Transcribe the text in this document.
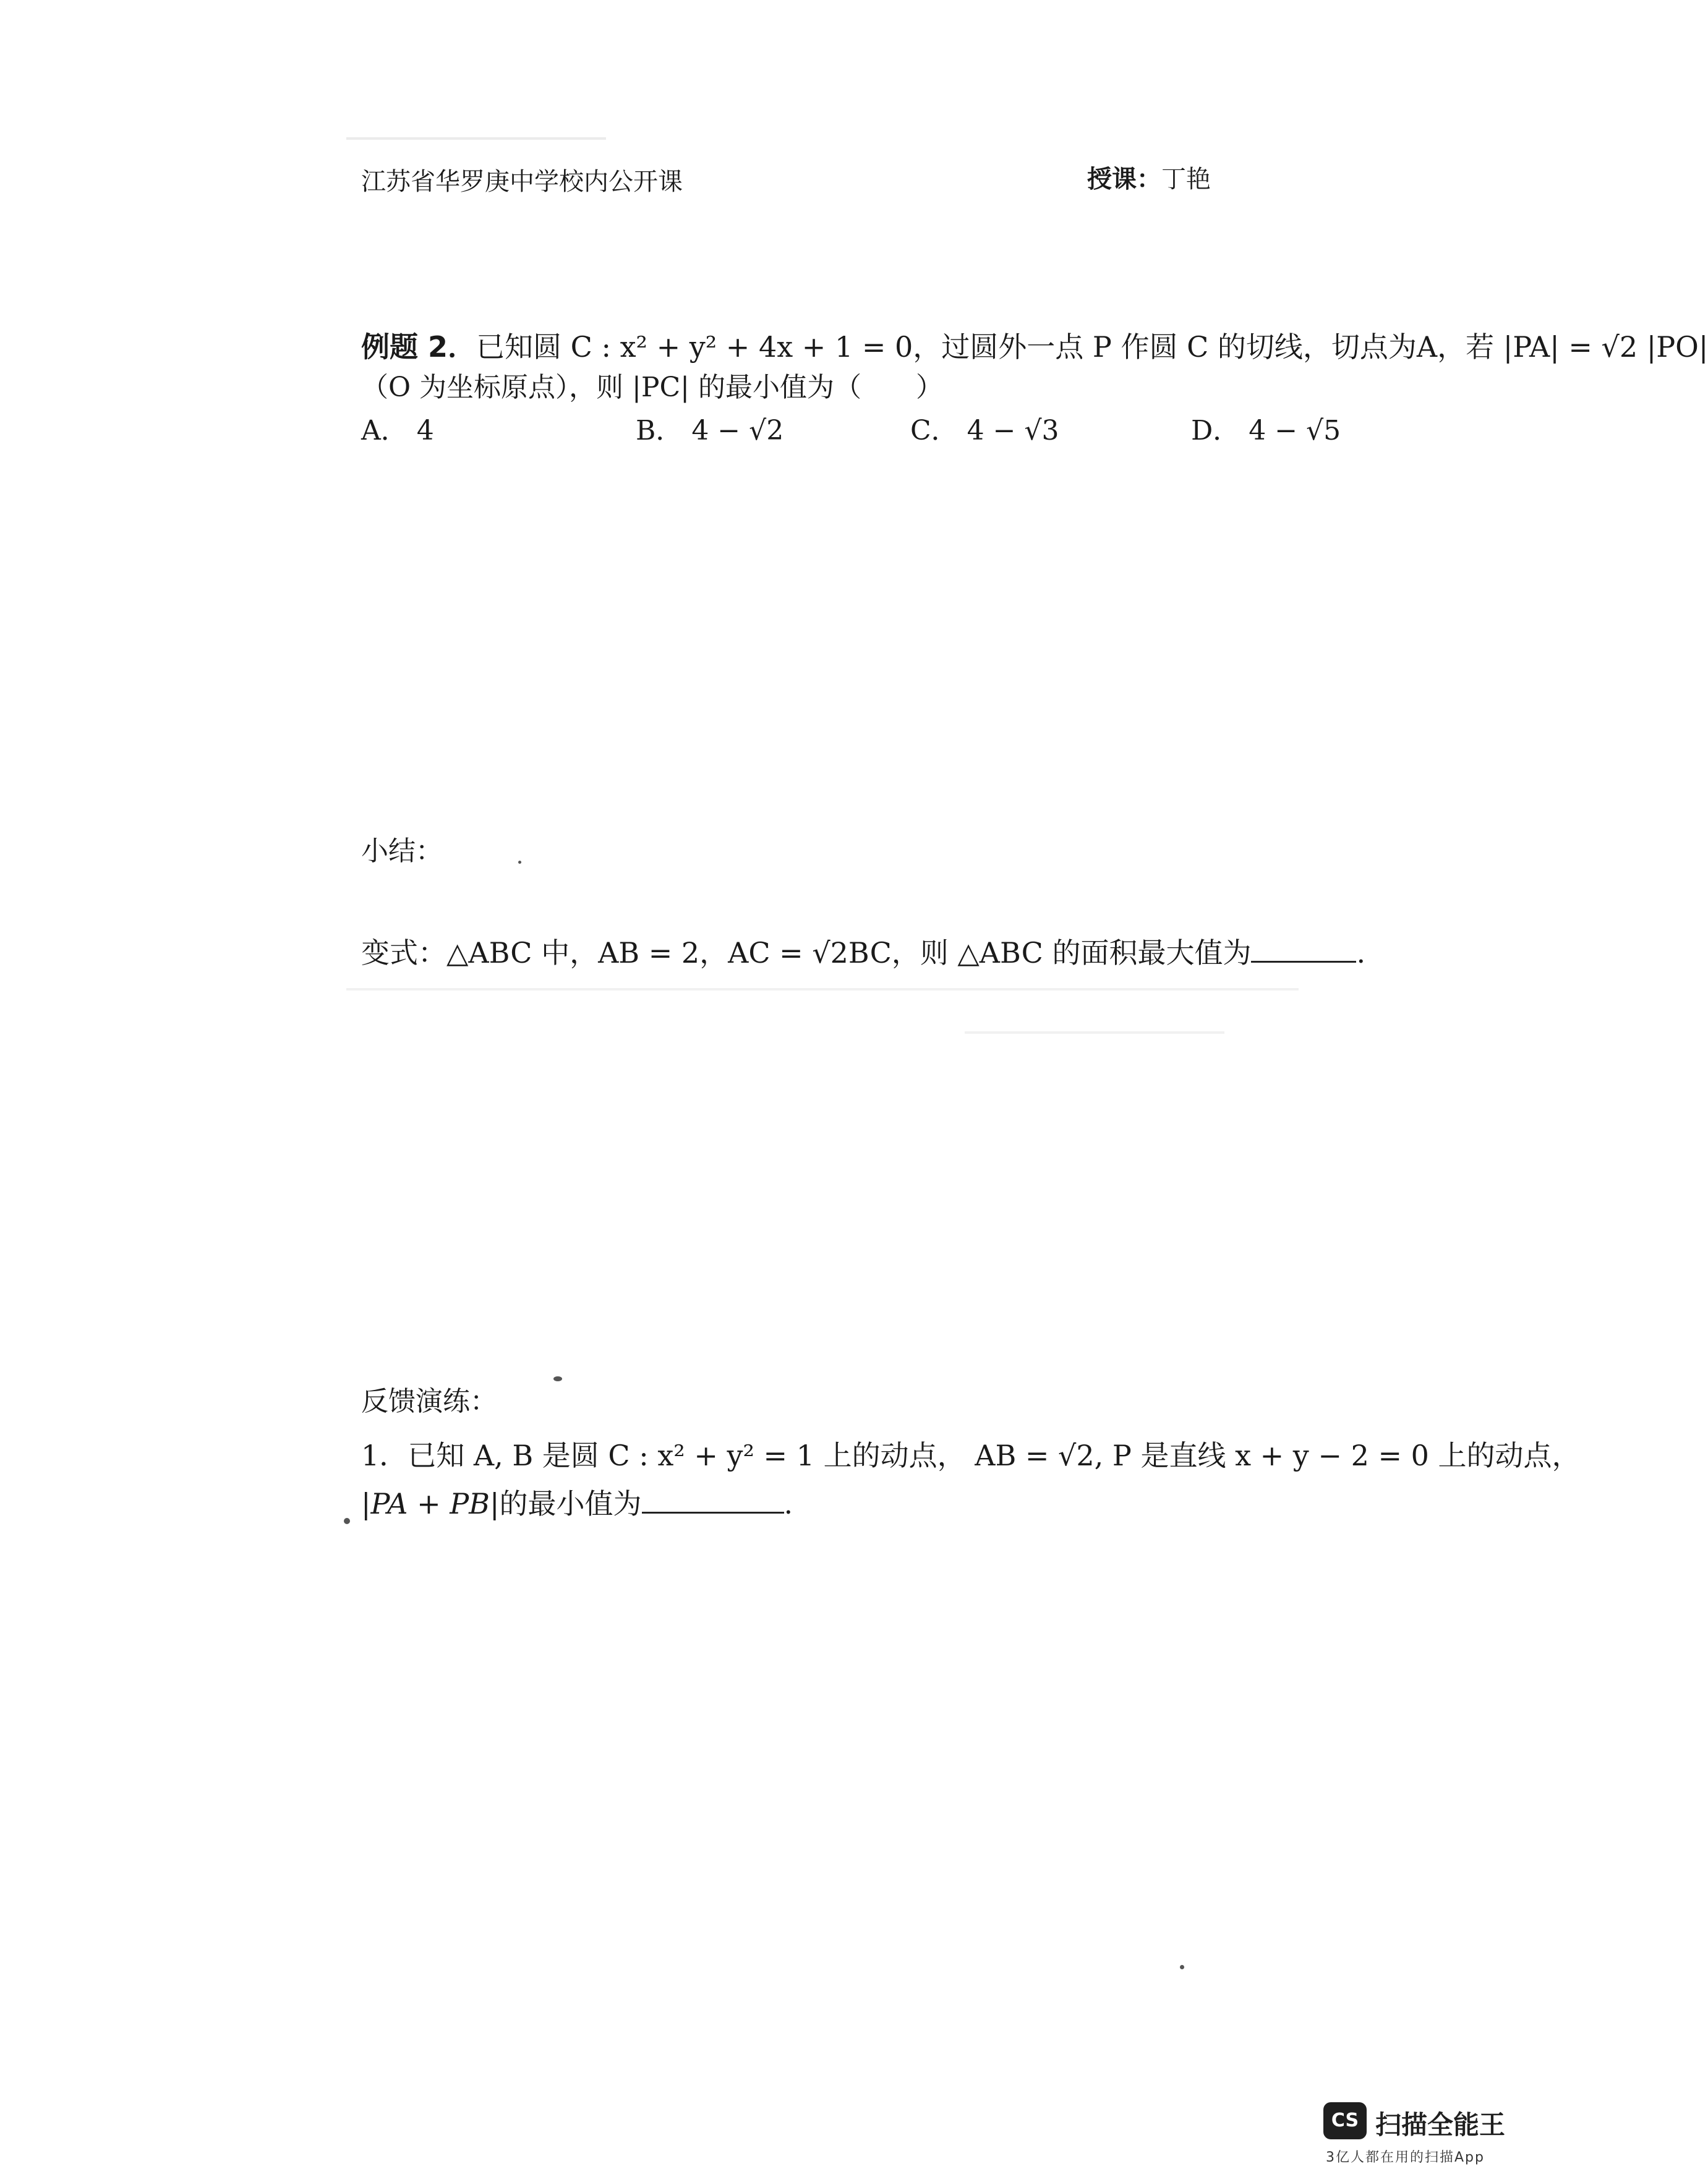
江苏省华罗庚中学校内公开课	授课：丁艳
例题 2．已知圆 C : x² + y² + 4x + 1 = 0，过圆外一点 P 作圆 C 的切线，切点为A，若 |PA| = √2 |PO|
（O 为坐标原点），则 |PC| 的最小值为（　　）
A． 4	B． 4 − √2	C． 4 − √3	D． 4 − √5
小结：
变式：△ABC 中，AB = 2，AC = √2BC，则 △ABC 的面积最大值为	.
反馈演练：
1．已知 A, B 是圆 C : x² + y² = 1 上的动点， AB = √2, P 是直线 x + y − 2 = 0 上的动点，
|PA + PB|的最小值为	.
CS 扫描全能王
3亿人都在用的扫描App
